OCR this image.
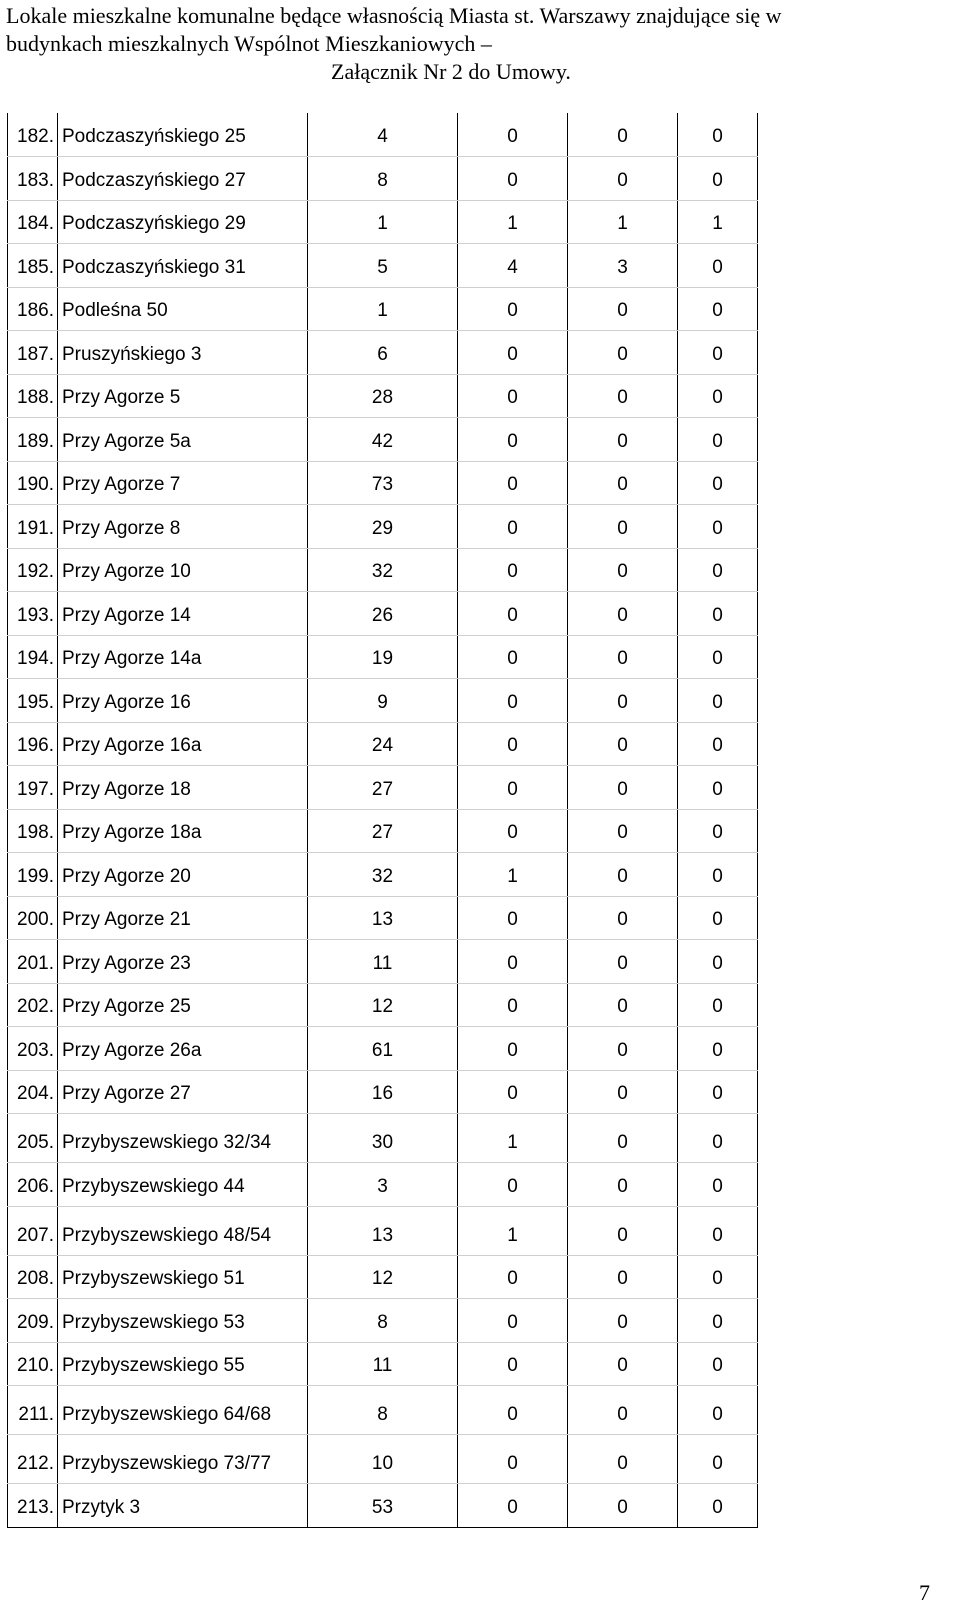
Lokale mieszkalne komunalne będące własnością Miasta st. Warszawy znajdujące się w
budynkach mieszkalnych Wspólnot Mieszkaniowych –
Załącznik Nr 2 do Umowy.
182.	Podczaszyńskiego 25	4	0	0	0
183.	Podczaszyńskiego 27	8	0	0	0
184.	Podczaszyńskiego 29	1	1	1	1
185.	Podczaszyńskiego 31	5	4	3	0
186.	Podleśna 50	1	0	0	0
187.	Pruszyńskiego 3	6	0	0	0
188.	Przy Agorze 5	28	0	0	0
189.	Przy Agorze 5a	42	0	0	0
190.	Przy Agorze 7	73	0	0	0
191.	Przy Agorze 8	29	0	0	0
192.	Przy Agorze 10	32	0	0	0
193.	Przy Agorze 14	26	0	0	0
194.	Przy Agorze 14a	19	0	0	0
195.	Przy Agorze 16	9	0	0	0
196.	Przy Agorze 16a	24	0	0	0
197.	Przy Agorze 18	27	0	0	0
198.	Przy Agorze 18a	27	0	0	0
199.	Przy Agorze 20	32	1	0	0
200.	Przy Agorze 21	13	0	0	0
201.	Przy Agorze 23	11	0	0	0
202.	Przy Agorze 25	12	0	0	0
203.	Przy Agorze 26a	61	0	0	0
204.	Przy Agorze 27	16	0	0	0
205.	Przybyszewskiego 32/34	30	1	0	0
206.	Przybyszewskiego 44	3	0	0	0
207.	Przybyszewskiego 48/54	13	1	0	0
208.	Przybyszewskiego 51	12	0	0	0
209.	Przybyszewskiego 53	8	0	0	0
210.	Przybyszewskiego 55	11	0	0	0
211.	Przybyszewskiego 64/68	8	0	0	0
212.	Przybyszewskiego 73/77	10	0	0	0
213.	Przytyk 3	53	0	0	0
7
